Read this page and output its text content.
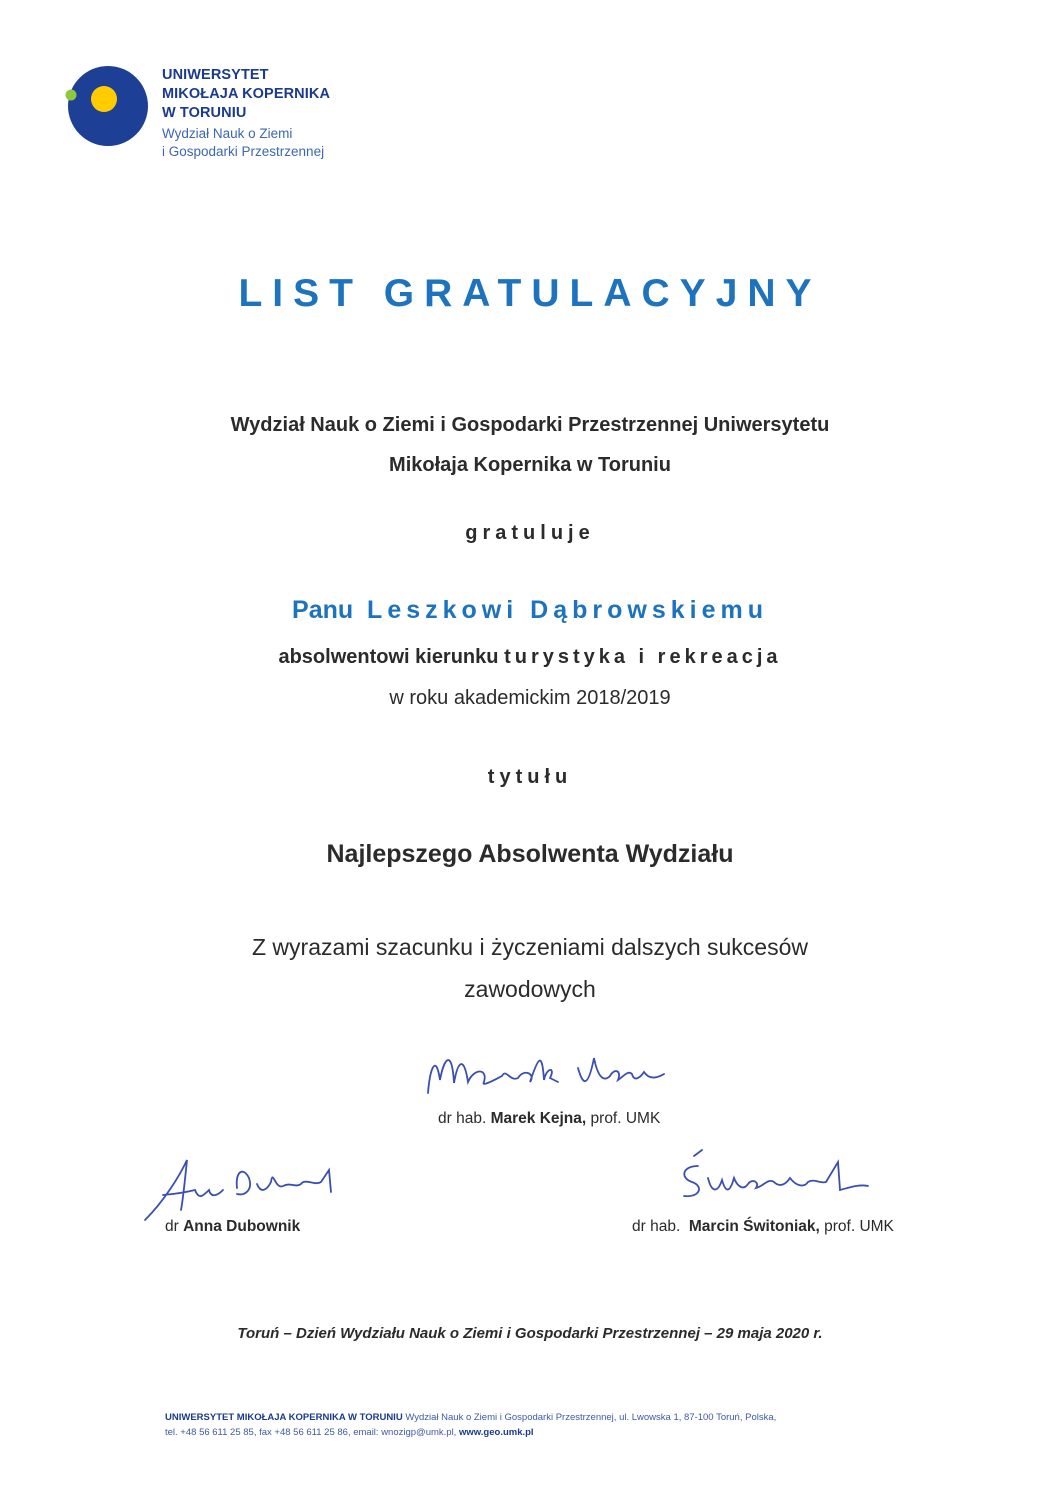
UNIWERSYTET
MIKOŁAJA KOPERNIKA
W TORUNIU
Wydział Nauk o Ziemi
i Gospodarki Przestrzennej
LIST GRATULACYJNY
Wydział Nauk o Ziemi i Gospodarki Przestrzennej Uniwersytetu
Mikołaja Kopernika w Toruniu
gratuluje
Panu Leszkowi Dąbrowskiemu
absolwentowi kierunku turystyka i rekreacja
w roku akademickim 2018/2019
tytułu
Najlepszego Absolwenta Wydziału
Z wyrazami szacunku i życzeniami dalszych sukcesów
zawodowych
dr hab. Marek Kejna, prof. UMK
dr Anna Dubownik	dr hab. Marcin Świtoniak, prof. UMK
Toruń – Dzień Wydziału Nauk o Ziemi i Gospodarki Przestrzennej – 29 maja 2020 r.
UNIWERSYTET MIKOŁAJA KOPERNIKA W TORUNIU Wydział Nauk o Ziemi i Gospodarki Przestrzennej, ul. Lwowska 1, 87-100 Toruń, Polska,
tel. +48 56 611 25 85, fax +48 56 611 25 86, email: wnozigp@umk.pl, www.geo.umk.pl
